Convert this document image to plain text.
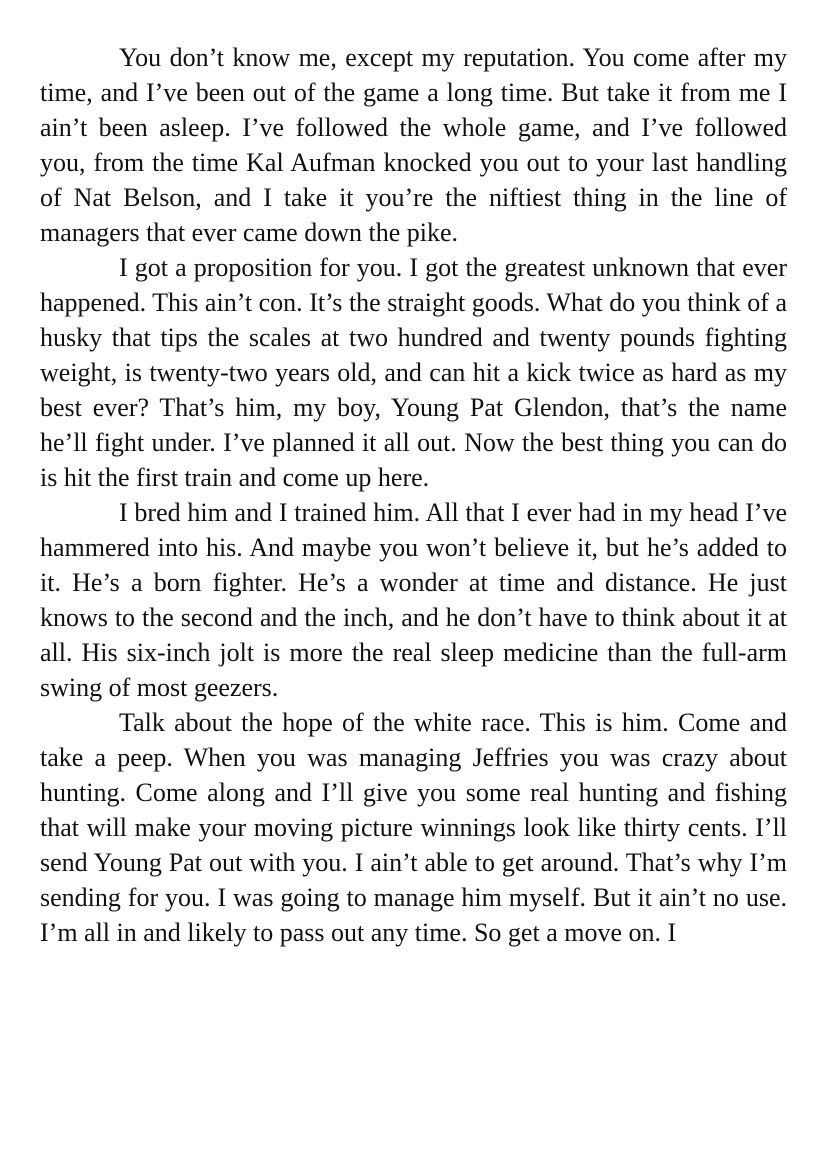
You don’t know me, except my reputation. You come after my time, and I’ve been out of the game a long time. But take it from me I ain’t been asleep. I’ve followed the whole game, and I’ve followed you, from the time Kal Aufman knocked you out to your last handling of Nat Belson, and I take it you’re the niftiest thing in the line of managers that ever came down the pike.

I got a proposition for you. I got the greatest unknown that ever happened. This ain’t con. It’s the straight goods. What do you think of a husky that tips the scales at two hundred and twenty pounds fighting weight, is twenty-two years old, and can hit a kick twice as hard as my best ever? That’s him, my boy, Young Pat Glendon, that’s the name he’ll fight under. I’ve planned it all out. Now the best thing you can do is hit the first train and come up here.

I bred him and I trained him. All that I ever had in my head I’ve hammered into his. And maybe you won’t believe it, but he’s added to it. He’s a born fighter. He’s a wonder at time and distance. He just knows to the second and the inch, and he don’t have to think about it at all. His six-inch jolt is more the real sleep medicine than the full-arm swing of most geezers.

Talk about the hope of the white race. This is him. Come and take a peep. When you was managing Jeffries you was crazy about hunting. Come along and I’ll give you some real hunting and fishing that will make your moving picture winnings look like thirty cents. I’ll send Young Pat out with you. I ain’t able to get around. That’s why I’m sending for you. I was going to manage him myself. But it ain’t no use. I’m all in and likely to pass out any time. So get a move on. I
